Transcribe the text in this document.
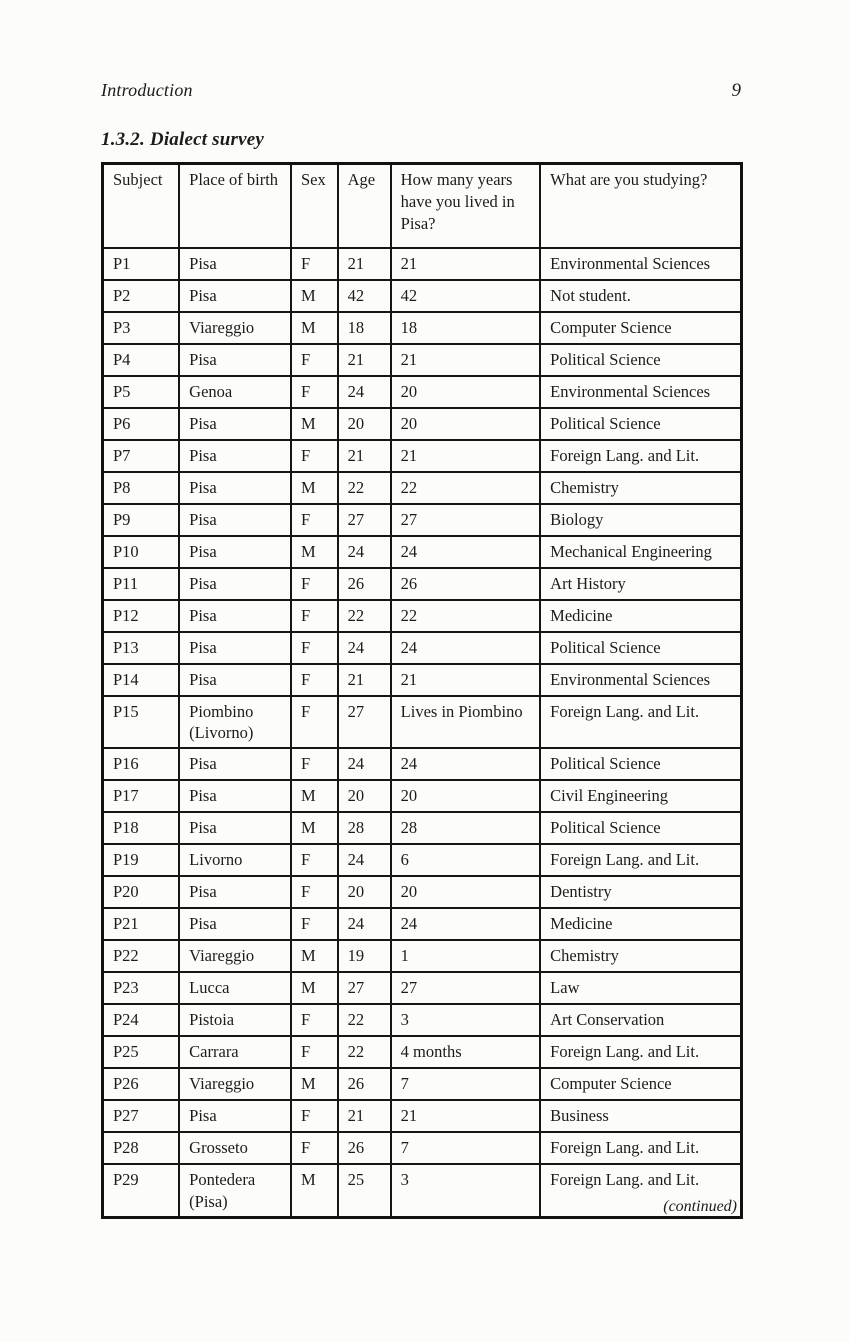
Introduction	9
1.3.2. Dialect survey
Subject	Place of birth	Sex	Age	How many years have you lived in Pisa?	What are you studying?
P1	Pisa	F	21	21	Environmental Sciences
P2	Pisa	M	42	42	Not student.
P3	Viareggio	M	18	18	Computer Science
P4	Pisa	F	21	21	Political Science
P5	Genoa	F	24	20	Environmental Sciences
P6	Pisa	M	20	20	Political Science
P7	Pisa	F	21	21	Foreign Lang. and Lit.
P8	Pisa	M	22	22	Chemistry
P9	Pisa	F	27	27	Biology
P10	Pisa	M	24	24	Mechanical Engineering
P11	Pisa	F	26	26	Art History
P12	Pisa	F	22	22	Medicine
P13	Pisa	F	24	24	Political Science
P14	Pisa	F	21	21	Environmental Sciences
P15	Piombino (Livorno)	F	27	Lives in Piombino	Foreign Lang. and Lit.
P16	Pisa	F	24	24	Political Science
P17	Pisa	M	20	20	Civil Engineering
P18	Pisa	M	28	28	Political Science
P19	Livorno	F	24	6	Foreign Lang. and Lit.
P20	Pisa	F	20	20	Dentistry
P21	Pisa	F	24	24	Medicine
P22	Viareggio	M	19	1	Chemistry
P23	Lucca	M	27	27	Law
P24	Pistoia	F	22	3	Art Conservation
P25	Carrara	F	22	4 months	Foreign Lang. and Lit.
P26	Viareggio	M	26	7	Computer Science
P27	Pisa	F	21	21	Business
P28	Grosseto	F	26	7	Foreign Lang. and Lit.
P29	Pontedera (Pisa)	M	25	3	Foreign Lang. and Lit.
(continued)
